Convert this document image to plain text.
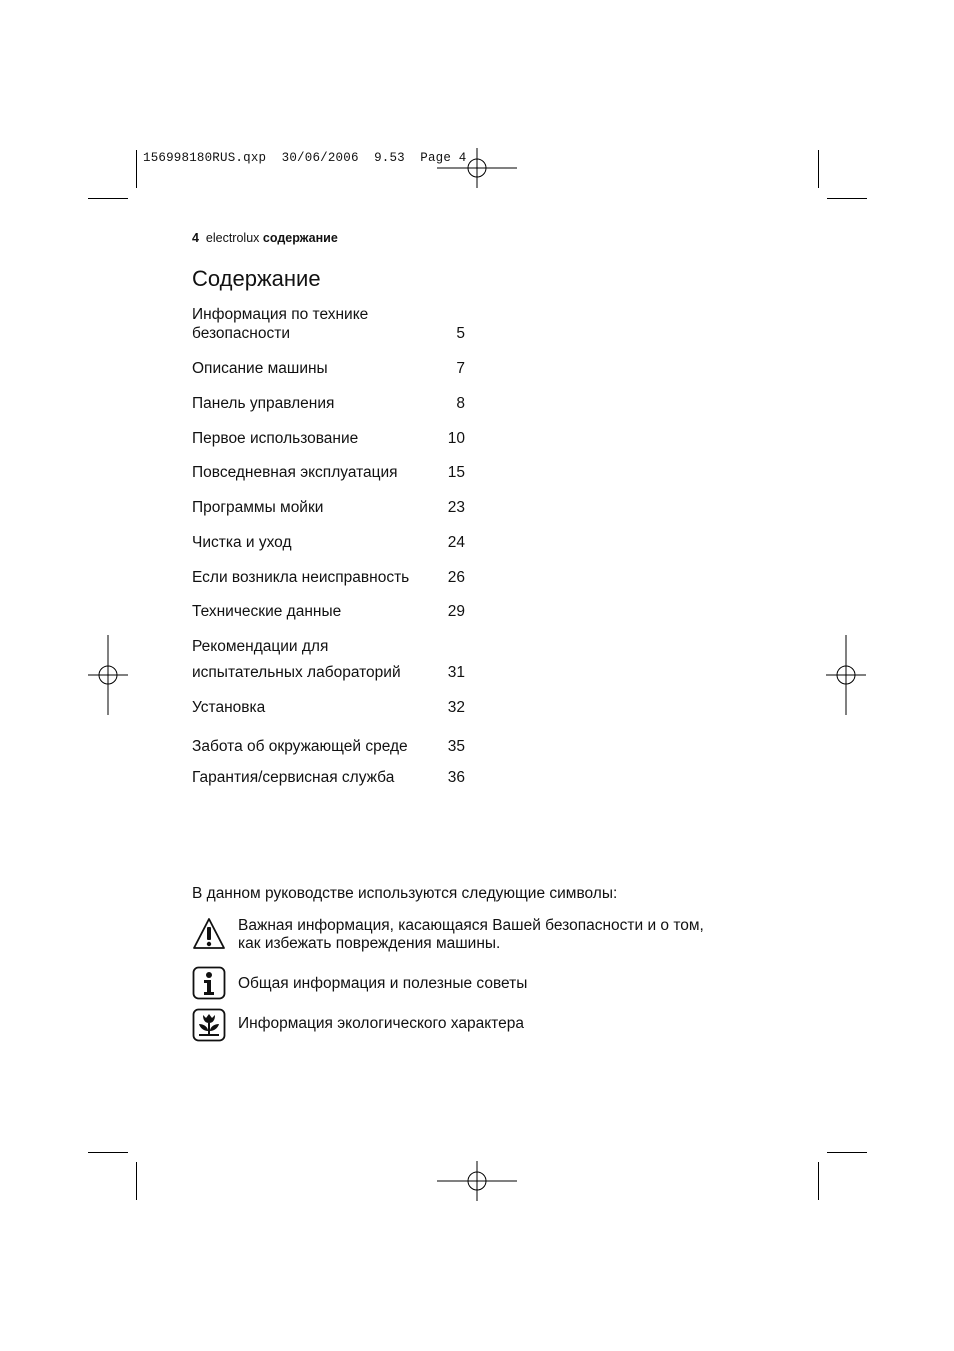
156998180RUS.qxp 30/06/2006 9.53 Page 4
4 electrolux содержание
Содержание
Информация по технике
безопасности	5
Описание машины	7
Панель управления	8
Первое использование	10
Повседневная эксплуатация	15
Программы мойки	23
Чистка и уход	24
Если возникла неисправность	26
Технические данные	29
Рекомендации для
испытательных лабораторий	31
Установка	32
Забота об окружающей среде	35
Гарантия/сервисная служба	36
В данном руководстве используются следующие символы:
Важная информация, касающаяся Вашей безопасности и о том,
как избежать повреждения машины.
Общая информация и полезные советы
Информация экологического характера
